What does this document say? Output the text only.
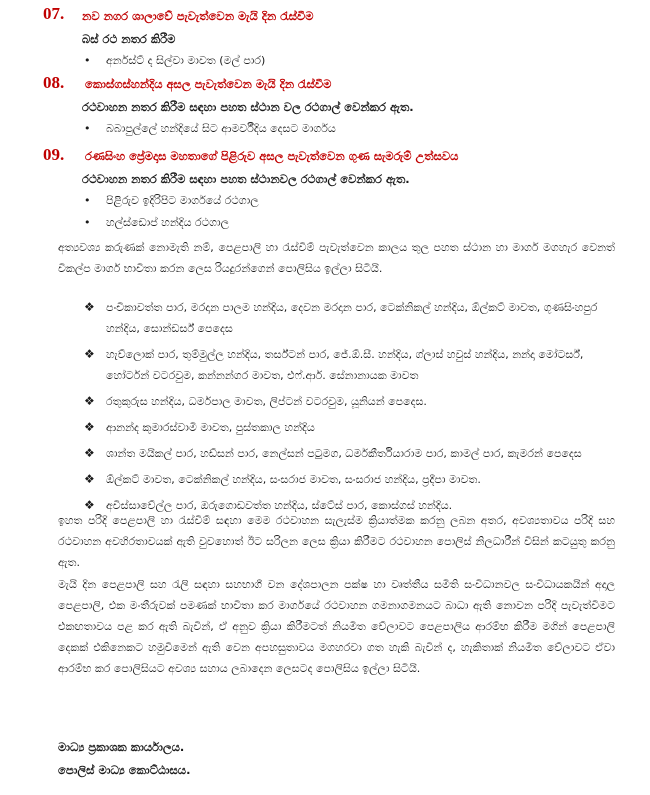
07. නව නගර ශාලාවේ පැවැත්වෙන මැයි දින රැස්වීම
බස් රථ නතර කිරීම
• අර්නස්ට් ද සිල්වා මාවත (මල් පාර)
08. කොස්ගස්හන්දිය අසල පැවැත්වෙන මැයි දින රැස්වීම
රථවාහන නතර කිරීම සඳහා පහත ස්ථාන වල රථගාල් වෙන්කර ඇත.
• බබාපුල්ලේ හන්දියේ සිට ආමර්වීදිය දෙසට මාර්ගය
09. රණසිංහ ප්‍රේමදාස මහතාගේ පිළිරුව අසල පැවැත්වෙන ගුණ සැමරුම් උත්සවය
රථවාහන නතර කිරීම සඳහා පහත ස්ථානවල රථගාල් වෙන්කර ඇත.
• පිළිරුව ඉදිරිපිට මාර්ගයේ රථගාල
• හල්ස්ඩොප් හන්දිය රථගාල
අත්‍යවශ්‍ය කරුණක් නොමැති නම්, පෙළපාලි හා රැස්වීම් පැවැත්වෙන කාලය තුල පහත ස්ථාන හා මාර්ග මගහැර වෙනත් විකල්ප මාර්ග භාවිතා කරන ලෙස රියදුරන්ගෙන් පොලිසිය ඉල්ලා සිටියි.
❖ පංචිකාවත්ත පාර, මරදාන පාලම හන්දිය, දෙවන මරදාන පාර, ටෙක්නිකල් හන්දිය, ඕල්කට් මාවත, ගුණසිංහපුර හන්දිය, සොන්ඩර්ස් පෙදෙස
❖ හැව්ලොක් පාර, තුම්මුල්ල හන්දිය, තර්ස්ටන් පාර, ජේ.ඕ.සී. හන්දිය, ග්ලාස් හවුස් හන්දිය, නන්දා මෝටර්ස්, හෝර්ටන් වටරවුම, කන්නන්ගර මාවත, එෆ්.ආර්. සේනානායක මාවත
❖ රතුකුරුස හන්දිය, ධර්මපාල මාවත, ලිප්ටන් වටරවුම, යූනියන් පෙදෙස.
❖ ආනන්ද කුමාරස්වාමි මාවත, පුස්තකාල හන්දිය
❖ ශාන්ත මයිකල් පාර, හඩ්සන් පාර, නෙල්සන් පටුමග, ධර්මකීර්තියාරාම පාර, කාමල් පාර, කැමරන් පෙදෙස
❖ ඕල්කට් මාවත, ටෙක්නිකල් හන්දිය, සංසරාජ මාවත, සංසරාජ හන්දිය, ප්‍රදීපා මාවත.
❖ අවිස්සාවේල්ල පාර, ඔරුගොඩවත්ත හන්දිය, ස්ටේස් පාර, කොස්ගස් හන්දිය.
ඉහත පරිදි පෙළපාලි හා රැස්වීම් සඳහා මෙම රථවාහන සැලැස්ම ක්‍රියාත්මක කරනු ලබන අතර, අවශ්‍යතාවය පරිදි සහ රථවාහන අවහිරතාවයක් ඇති වුවහොත් ඊට සරිලන ලෙස ක්‍රියා කිරීමට රථවාහන පොලිස් නිලධාරීන් විසින් කටයුතු කරනු ඇත.
මැයි දින පෙළපාලි සහ රැලි සඳහා සහභාගී වන දේශපාලන පක්ෂ හා වෘත්තීය සමිති සංවිධානවල සංවිධායකයින් අදාල පෙළපාලි, එක මංතීරුවක් පමණක් භාවිතා කර මාර්ගයේ රථවාහන ගමනාගමනයට බාධා ඇති නොවන පරිදි පැවැත්වීමට එකඟතාවය පළ කර ඇති බැවින්, ඒ අනුව ක්‍රියා කිරීමටත් නියමිත වේලාවට පෙළපාලිය ආරම්භ කිරීම මගින් පෙළපාලි දෙකක් එකිනෙකට හමුවීමෙන් ඇති වෙන අපහසුතාවය මගහරවා ගත හැකි බැවින් ද, හැකිතාක් නියමිත වේලාවට ඒවා ආරම්භ කර පොලිසියට අවශ්‍ය සහාය ලබාදෙන ලෙසටද පොලිසිය ඉල්ලා සිටියි.
මාධ්‍ය ප්‍රකාශක කාර්යාලය.
පොලිස් මාධ්‍ය කොට්ඨාසය.
